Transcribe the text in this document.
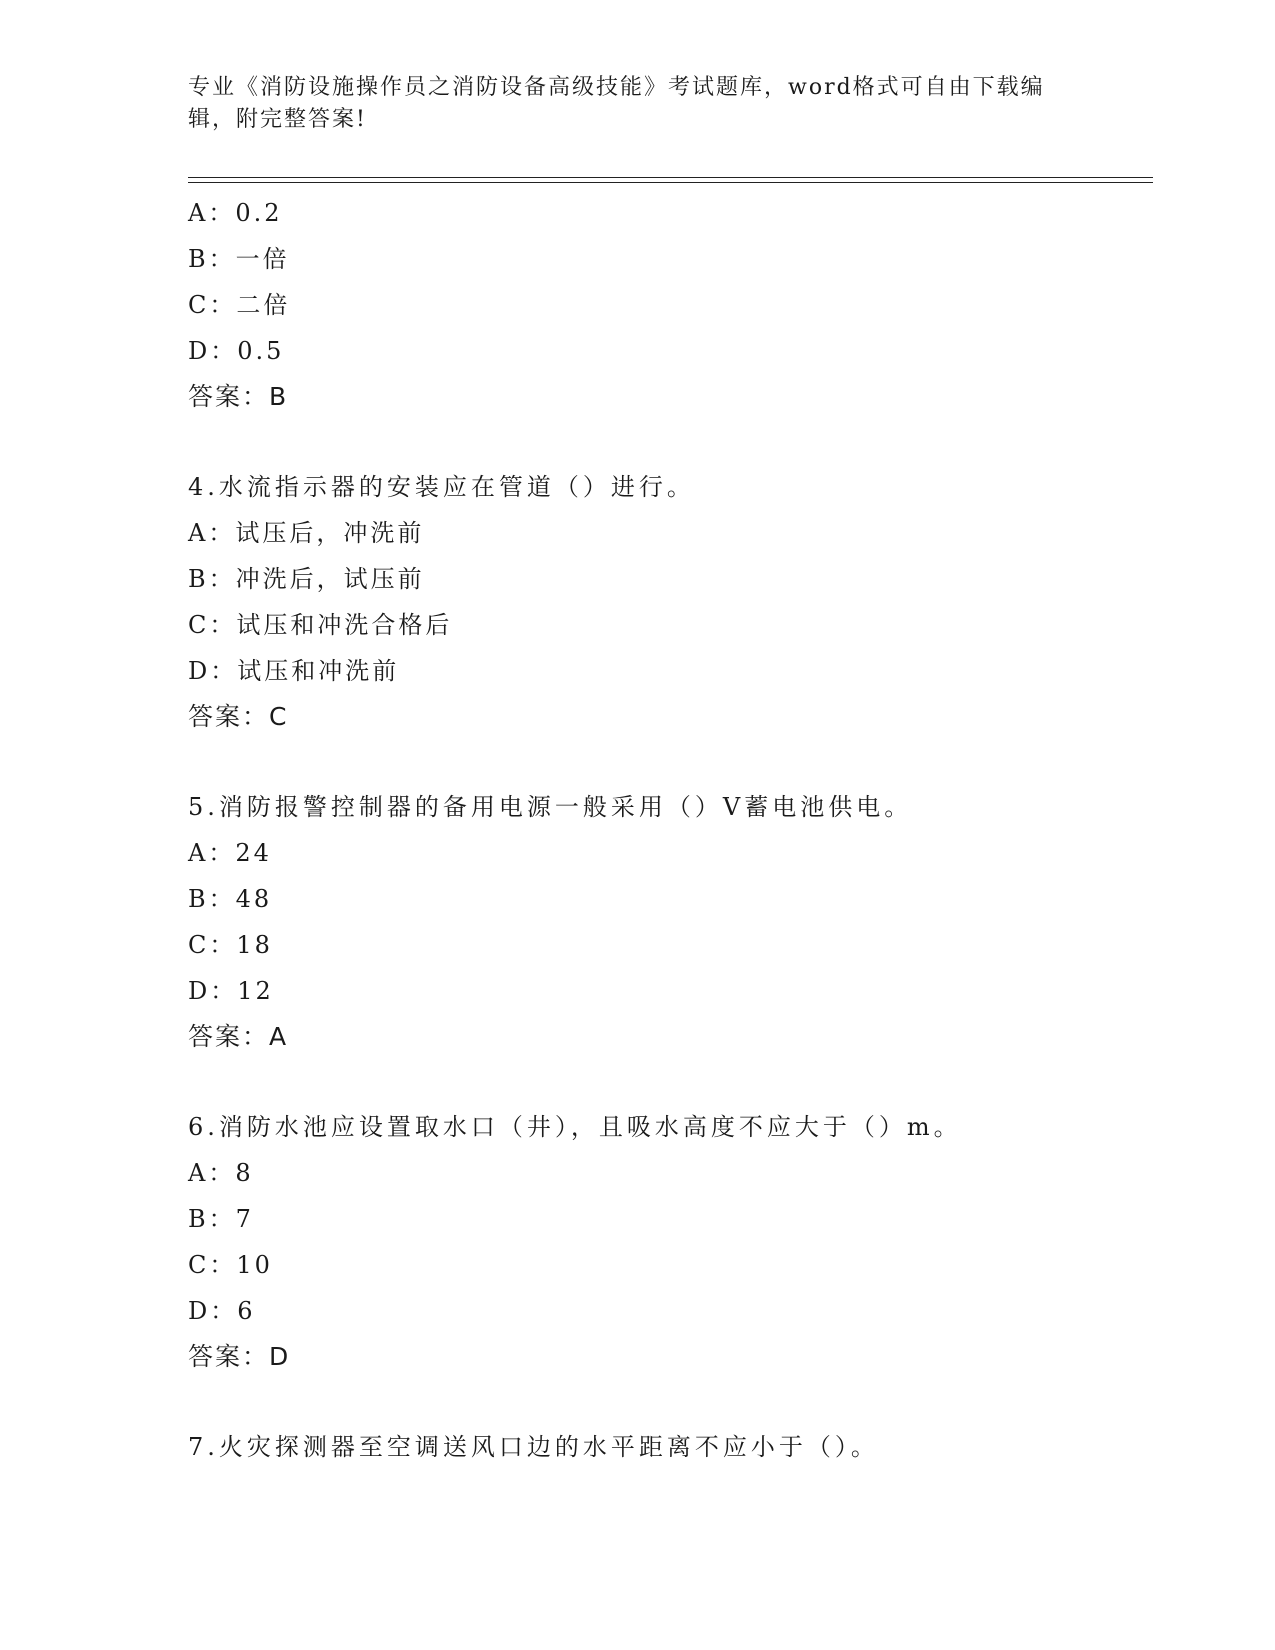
专业《消防设施操作员之消防设备高级技能》考试题库，word格式可自由下载编
辑，附完整答案!
A：0.2
B：一倍
C：二倍
D：0.5
答案：B
4.水流指示器的安装应在管道（）进行。
A：试压后，冲洗前
B：冲洗后，试压前
C：试压和冲洗合格后
D：试压和冲洗前
答案：C
5.消防报警控制器的备用电源一般采用（）V蓄电池供电。
A：24
B：48
C：18
D：12
答案：A
6.消防水池应设置取水口（井），且吸水高度不应大于（）m。
A：8
B：7
C：10
D：6
答案：D
7.火灾探测器至空调送风口边的水平距离不应小于（）。
